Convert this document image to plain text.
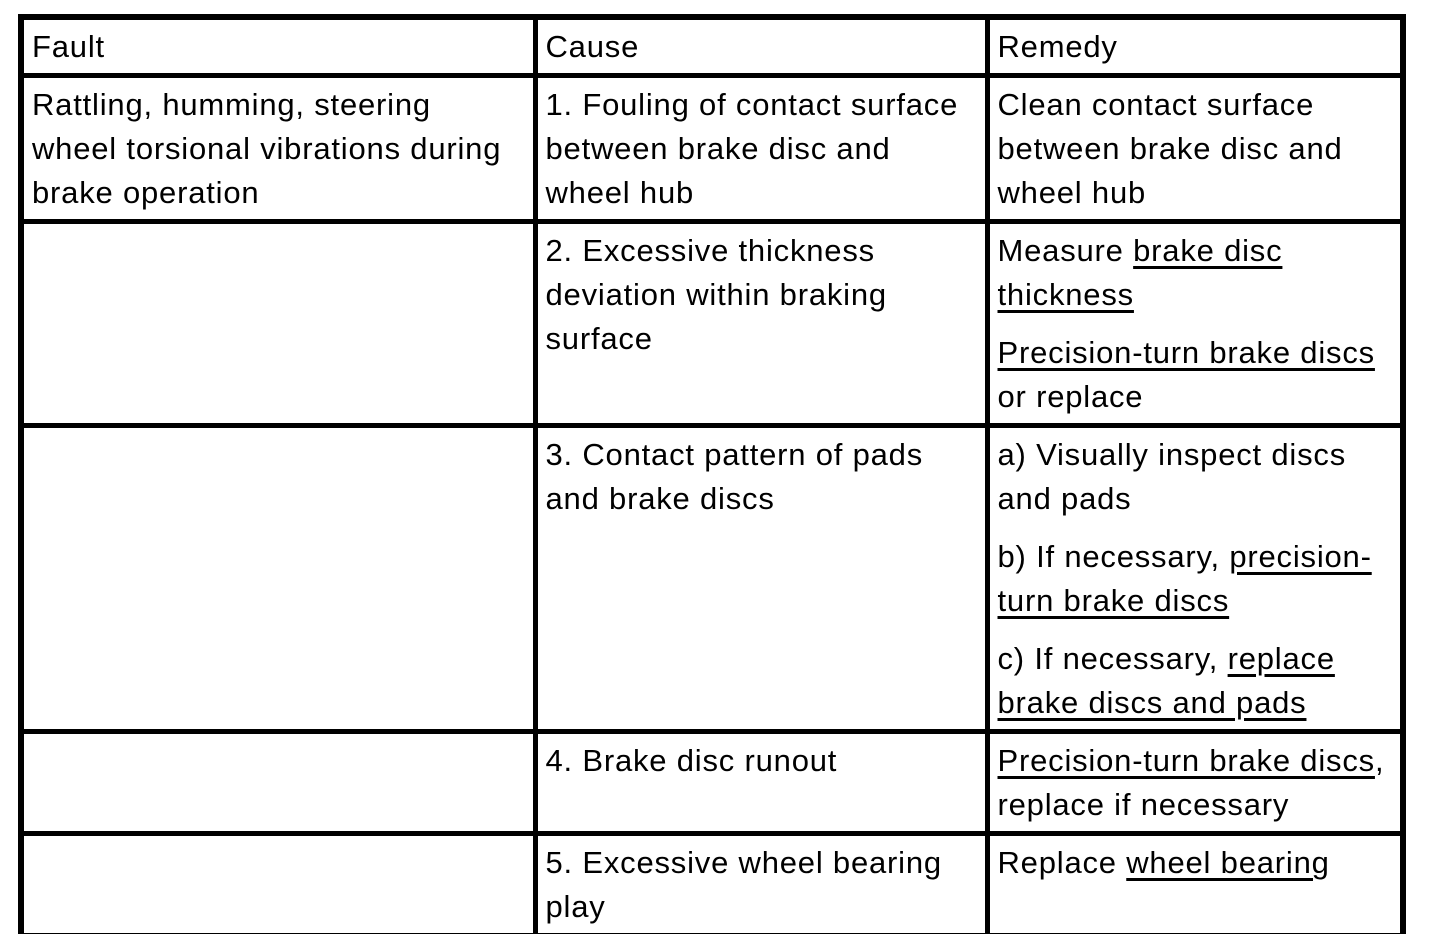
Fault	Cause	Remedy

Rattling, humming, steering wheel torsional vibrations during brake operation	1. Fouling of contact surface between brake disc and wheel hub	Clean contact surface between brake disc and wheel hub

	2. Excessive thickness deviation within braking surface	Measure brake disc thickness

Precision-turn brake discs or replace

	3. Contact pattern of pads and brake discs	a) Visually inspect discs and pads

b) If necessary, precision-turn brake discs

c) If necessary, replace brake discs and pads

	4. Brake disc runout	Precision-turn brake discs, replace if necessary

	5. Excessive wheel bearing play	Replace wheel bearing
